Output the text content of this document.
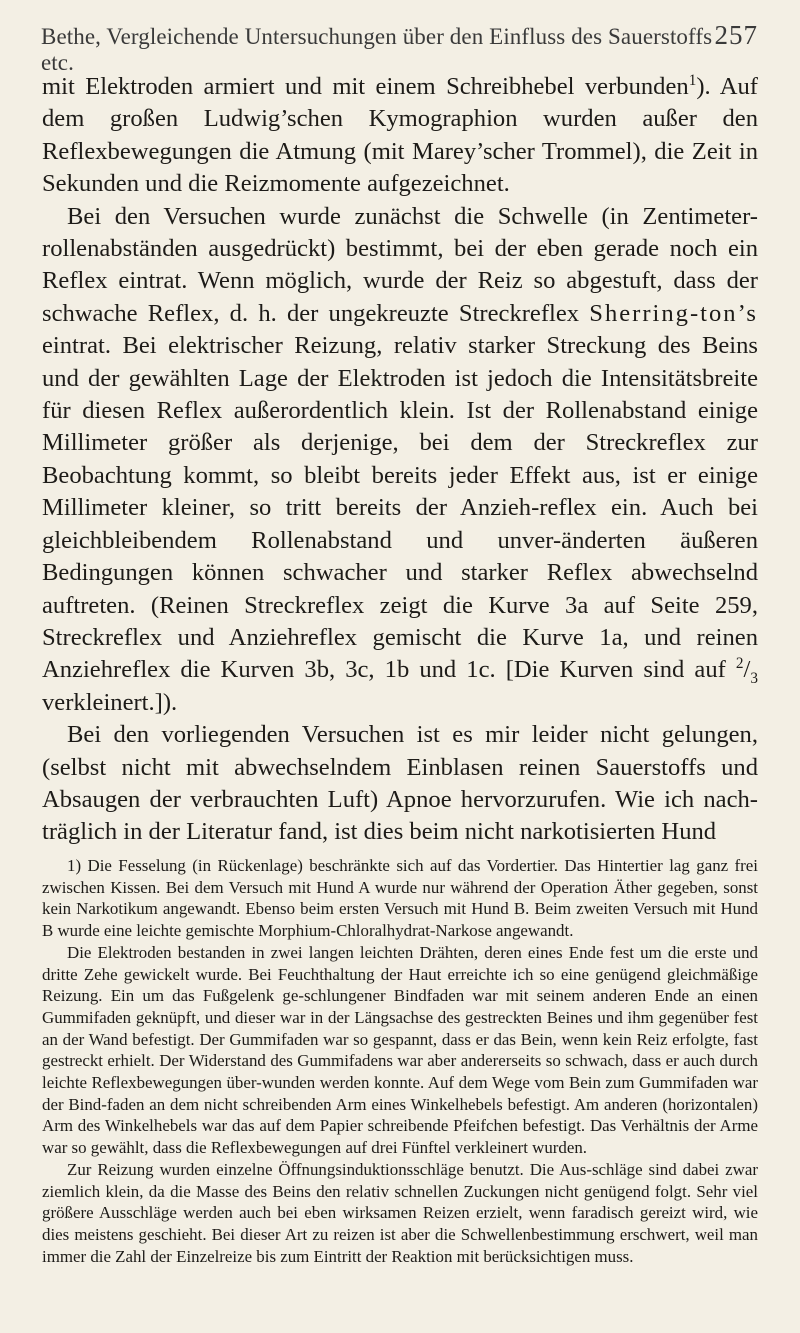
Bethe, Vergleichende Untersuchungen über den Einfluss des Sauerstoffs etc.
257

mit Elektroden armiert und mit einem Schreibhebel verbunden$^1$). Auf dem großen Ludwig’schen Kymographion wurden außer den Reflexbewegungen die Atmung (mit Marey’scher Trommel), die Zeit in Sekunden und die Reizmomente aufgezeichnet.

Bei den Versuchen wurde zunächst die Schwelle (in Zentimeter-rollenabständen ausgedrückt) bestimmt, bei der eben gerade noch ein Reflex eintrat. Wenn möglich, wurde der Reiz so abgestuft, dass der schwache Reflex, d. h. der ungekreuzte Streckreflex Sherring-ton’s eintrat. Bei elektrischer Reizung, relativ starker Streckung des Beins und der gewählten Lage der Elektroden ist jedoch die Intensitätsbreite für diesen Reflex außerordentlich klein. Ist der Rollenabstand einige Millimeter größer als derjenige, bei dem der Streckreflex zur Beobachtung kommt, so bleibt bereits jeder Effekt aus, ist er einige Millimeter kleiner, so tritt bereits der Anzieh-reflex ein. Auch bei gleichbleibendem Rollenabstand und unver-änderten äußeren Bedingungen können schwacher und starker Reflex abwechselnd auftreten. (Reinen Streckreflex zeigt die Kurve 3a auf Seite 259, Streckreflex und Anziehreflex gemischt die Kurve 1a, und reinen Anziehreflex die Kurven 3b, 3c, 1b und 1c. [Die Kurven sind auf $^2/_3$ verkleinert.]).

Bei den vorliegenden Versuchen ist es mir leider nicht gelungen, (selbst nicht mit abwechselndem Einblasen reinen Sauerstoffs und Absaugen der verbrauchten Luft) Apnoe hervorzurufen. Wie ich nach-träglich in der Literatur fand, ist dies beim nicht narkotisierten Hund

1) Die Fesselung (in Rückenlage) beschränkte sich auf das Vordertier. Das Hintertier lag ganz frei zwischen Kissen. Bei dem Versuch mit Hund A wurde nur während der Operation Äther gegeben, sonst kein Narkotikum angewandt. Ebenso beim ersten Versuch mit Hund B. Beim zweiten Versuch mit Hund B wurde eine leichte gemischte Morphium-Chloralhydrat-Narkose angewandt.

Die Elektroden bestanden in zwei langen leichten Drähten, deren eines Ende fest um die erste und dritte Zehe gewickelt wurde. Bei Feuchthaltung der Haut erreichte ich so eine genügend gleichmäßige Reizung. Ein um das Fußgelenk ge-schlungener Bindfaden war mit seinem anderen Ende an einen Gummifaden geknüpft, und dieser war in der Längsachse des gestreckten Beines und ihm gegenüber fest an der Wand befestigt. Der Gummifaden war so gespannt, dass er das Bein, wenn kein Reiz erfolgte, fast gestreckt erhielt. Der Widerstand des Gummifadens war aber andererseits so schwach, dass er auch durch leichte Reflexbewegungen über-wunden werden konnte. Auf dem Wege vom Bein zum Gummifaden war der Bind-faden an dem nicht schreibenden Arm eines Winkelhebels befestigt. Am anderen (horizontalen) Arm des Winkelhebels war das auf dem Papier schreibende Pfeifchen befestigt. Das Verhältnis der Arme war so gewählt, dass die Reflexbewegungen auf drei Fünftel verkleinert wurden.

Zur Reizung wurden einzelne Öffnungsinduktionsschläge benutzt. Die Aus-schläge sind dabei zwar ziemlich klein, da die Masse des Beins den relativ schnellen Zuckungen nicht genügend folgt. Sehr viel größere Ausschläge werden auch bei eben wirksamen Reizen erzielt, wenn faradisch gereizt wird, wie dies meistens geschieht. Bei dieser Art zu reizen ist aber die Schwellenbestimmung erschwert, weil man immer die Zahl der Einzelreize bis zum Eintritt der Reaktion mit berücksichtigen muss.
